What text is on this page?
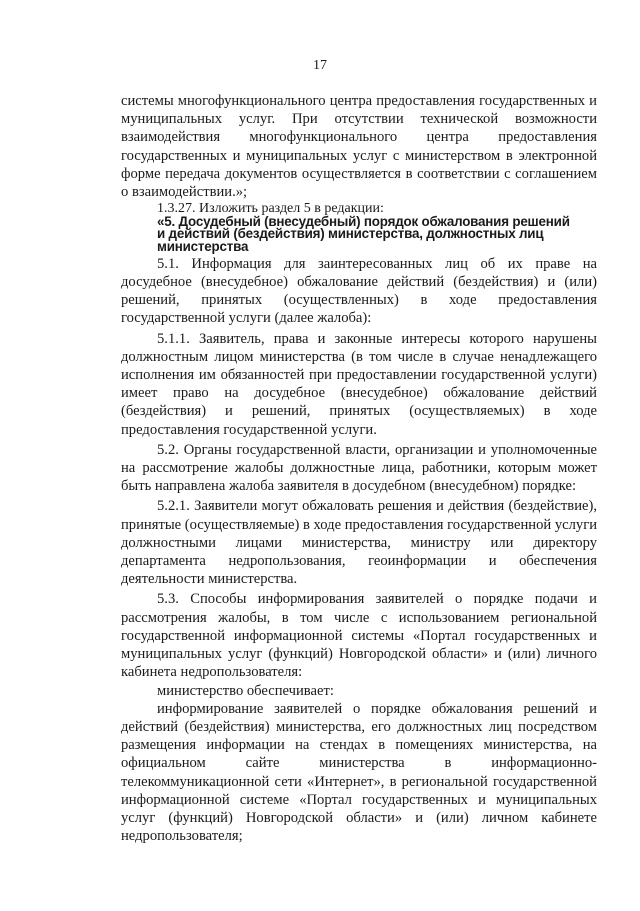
17

системы многофункционального центра предоставления государственных и муниципальных услуг. При отсутствии технической возможности взаимодействия многофункционального центра предоставления государственных и муниципальных услуг с министерством в электронной форме передача документов осуществляется в соответствии с соглашением о взаимодействии.»;

1.3.27. Изложить раздел 5 в редакции:

«5. Досудебный (внесудебный) порядок обжалования решений
и действий (бездействия) министерства, должностных лиц
министерства

5.1. Информация для заинтересованных лиц об их праве на досудебное (внесудебное) обжалование действий (бездействия) и (или) решений, принятых (осуществленных) в ходе предоставления государственной услуги (далее жалоба):

5.1.1. Заявитель, права и законные интересы которого нарушены должностным лицом министерства (в том числе в случае ненадлежащего исполнения им обязанностей при предоставлении государственной услуги) имеет право на досудебное (внесудебное) обжалование действий (бездействия) и решений, принятых (осуществляемых) в ходе предоставления государственной услуги.

5.2. Органы государственной власти, организации и уполномоченные на рассмотрение жалобы должностные лица, работники, которым может быть направлена жалоба заявителя в досудебном (внесудебном) порядке:

5.2.1. Заявители могут обжаловать решения и действия (бездействие), принятые (осуществляемые) в ходе предоставления государственной услуги должностными лицами министерства, министру или директору департамента недропользования, геоинформации и обеспечения деятельности министерства.

5.3. Способы информирования заявителей о порядке подачи и рассмотрения жалобы, в том числе с использованием региональной государственной информационной системы «Портал государственных и муниципальных услуг (функций) Новгородской области» и (или) личного кабинета недропользователя:

министерство обеспечивает:

информирование заявителей о порядке обжалования решений и действий (бездействия) министерства, его должностных лиц посредством размещения информации на стендах в помещениях министерства, на официальном сайте министерства в информационно-телекоммуникационной сети «Интернет», в региональной государственной информационной системе «Портал государственных и муниципальных услуг (функций) Новгородской области» и (или) личном кабинете недропользователя;
